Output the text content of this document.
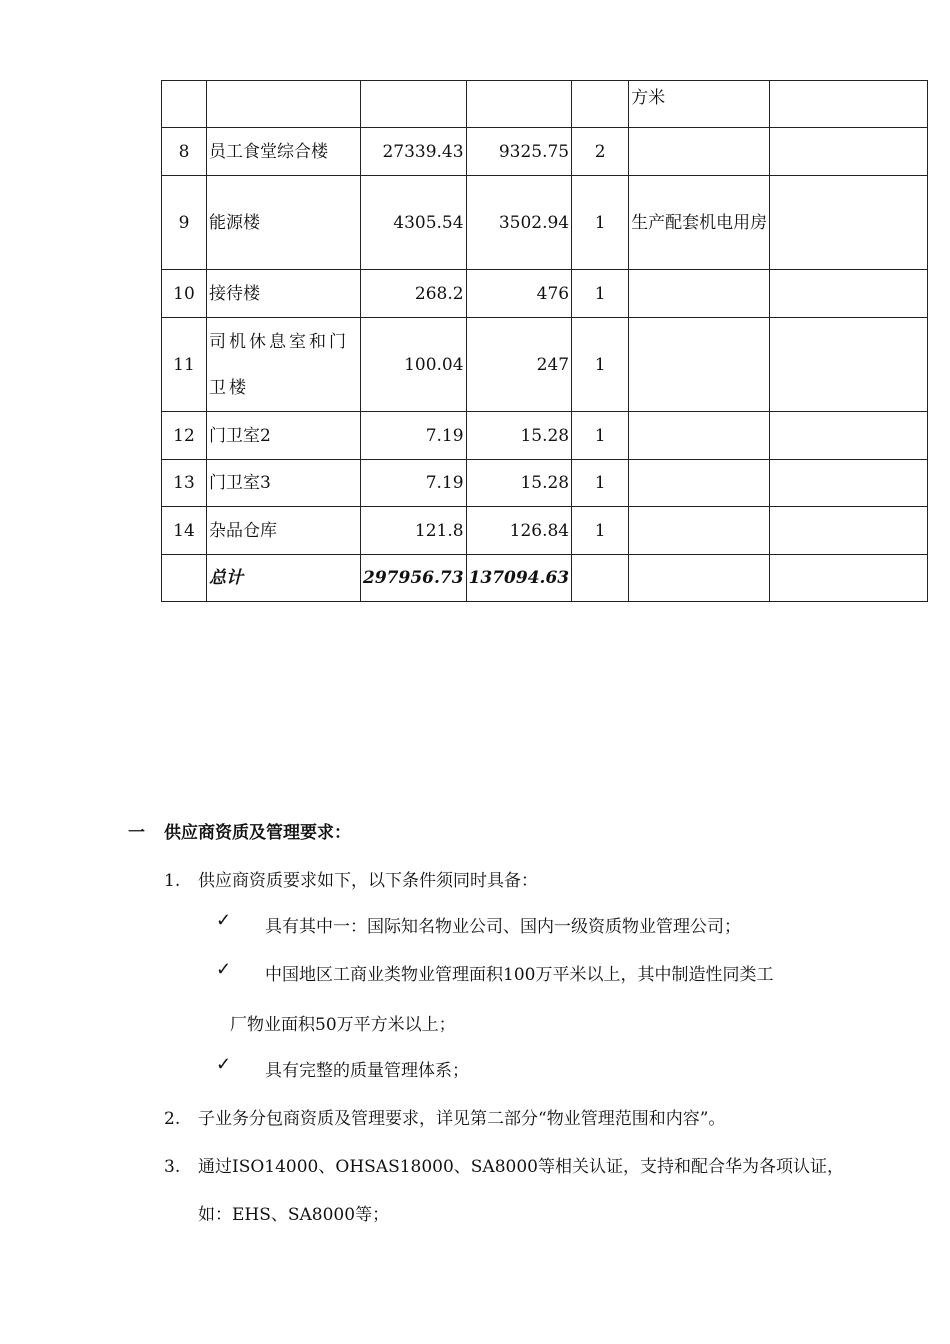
					方米	
8	员工食堂综合楼	27339.43	9325.75	2		
9	能源楼	4305.54	3502.94	1	生产配套机电用房	
10	接待楼	268.2	476	1		
11	司机休息室和门卫楼	100.04	247	1		
12	门卫室2	7.19	15.28	1		
13	门卫室3	7.19	15.28	1		
14	杂品仓库	121.8	126.84	1		
	总计	297956.73	137094.63			
一 供应商资质及管理要求：
1. 供应商资质要求如下，以下条件须同时具备：
✓ 具有其中一：国际知名物业公司、国内一级资质物业管理公司；
✓ 中国地区工商业类物业管理面积100万平米以上，其中制造性同类工
厂物业面积50万平方米以上；
✓ 具有完整的质量管理体系；
2. 子业务分包商资质及管理要求，详见第二部分“物业管理范围和内容”。
3. 通过ISO14000、OHSAS18000、SA8000等相关认证，支持和配合华为各项认证，
如：EHS、SA8000等；
